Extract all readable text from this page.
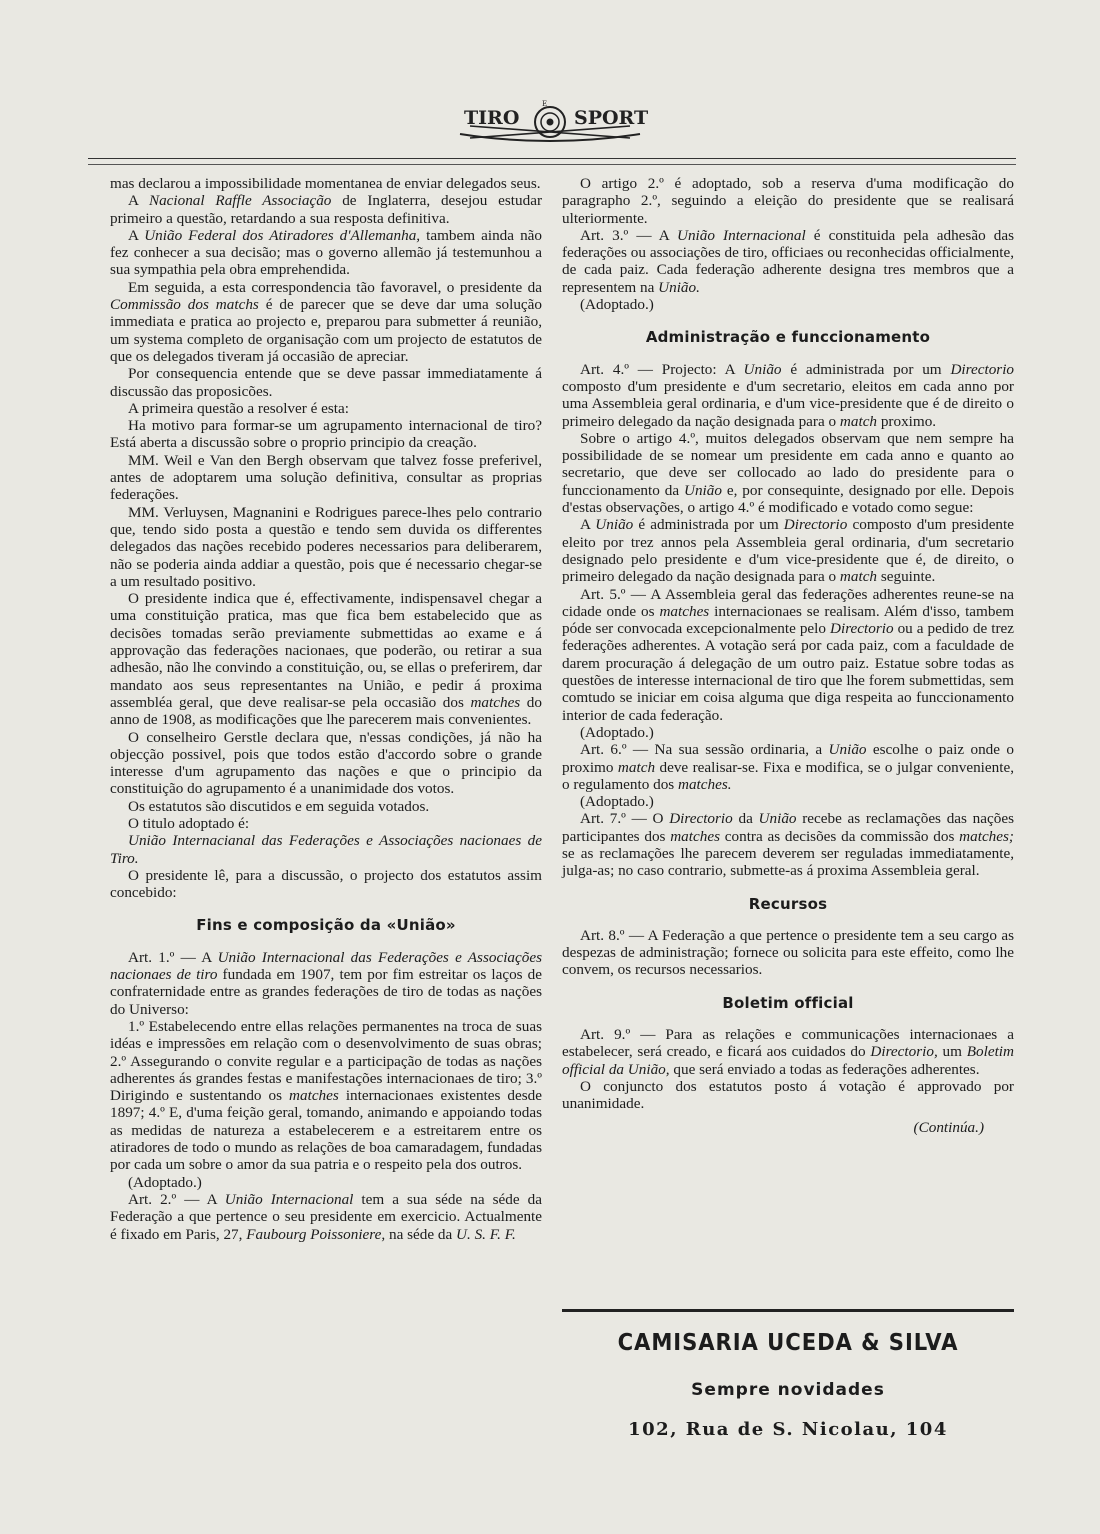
TIRO	SPORT
E

mas declarou a impossibilidade momentanea de enviar delegados seus.

A Nacional Raffle Associação de Inglaterra, desejou estudar primeiro a questão, retardando a sua resposta definitiva.

A União Federal dos Atiradores d'Allemanha, tambem ainda não fez conhecer a sua decisão; mas o governo allemão já testemunhou a sua sympathia pela obra emprehendida.

Em seguida, a esta correspondencia tão favoravel, o presidente da Commissão dos matchs é de parecer que se deve dar uma solução immediata e pratica ao projecto e, preparou para submetter á reunião, um systema completo de organisação com um projecto de estatutos de que os delegados tiveram já occasião de apreciar.

Por consequencia entende que se deve passar immediatamente á discussão das proposicões.

A primeira questão a resolver é esta:

Ha motivo para formar-se um agrupamento internacional de tiro? Está aberta a discussão sobre o proprio principio da creação.

MM. Weil e Van den Bergh observam que talvez fosse preferivel, antes de adoptarem uma solução definitiva, consultar as proprias federações.

MM. Verluysen, Magnanini e Rodrigues parece-lhes pelo contrario que, tendo sido posta a questão e tendo sem duvida os differentes delegados das nações recebido poderes necessarios para deliberarem, não se poderia ainda addiar a questão, pois que é necessario chegar-se a um resultado positivo.

O presidente indica que é, effectivamente, indispensavel chegar a uma constituição pratica, mas que fica bem estabelecido que as decisões tomadas serão previamente submettidas ao exame e á approvação das federações nacionaes, que poderão, ou retirar a sua adhesão, não lhe convindo a constituição, ou, se ellas o preferirem, dar mandato aos seus representantes na União, e pedir á proxima assembléa geral, que deve realisar-se pela occasião dos matches do anno de 1908, as modificações que lhe parecerem mais convenientes.

O conselheiro Gerstle declara que, n'essas condições, já não ha objecção possivel, pois que todos estão d'accordo sobre o grande interesse d'um agrupamento das nações e que o principio da constituição do agrupamento é a unanimidade dos votos.

Os estatutos são discutidos e em seguida votados.

O titulo adoptado é:

União Internacianal das Federações e Associações nacionaes de Tiro.

O presidente lê, para a discussão, o projecto dos estatutos assim concebido:

Fins e composição da «União»

Art. 1.º — A União Internacional das Federações e Associações nacionaes de tiro fundada em 1907, tem por fim estreitar os laços de confraternidade entre as grandes federações de tiro de todas as nações do Universo:

1.º Estabelecendo entre ellas relações permanentes na troca de suas idéas e impressões em relação com o desenvolvimento de suas obras; 2.º Assegurando o convite regular e a participação de todas as nações adherentes ás grandes festas e manifestações internacionaes de tiro; 3.º Dirigindo e sustentando os matches internacionaes existentes desde 1897; 4.º E, d'uma feição geral, tomando, animando e appoiando todas as medidas de natureza a estabelecerem e a estreitarem entre os atiradores de todo o mundo as relações de boa camaradagem, fundadas por cada um sobre o amor da sua patria e o respeito pela dos outros.

(Adoptado.)

Art. 2.º — A União Internacional tem a sua séde na séde da Federação a que pertence o seu presidente em exercicio. Actualmente é fixado em Paris, 27, Faubourg Poissoniere, na séde da U. S. F. F.

O artigo 2.º é adoptado, sob a reserva d'uma modificação do paragrapho 2.º, seguindo a eleição do presidente que se realisará ulteriormente.

Art. 3.º — A União Internacional é constituida pela adhesão das federações ou associações de tiro, officiaes ou reconhecidas officialmente, de cada paiz. Cada federação adherente designa tres membros que a representem na União.

(Adoptado.)

Administração e funccionamento

Art. 4.º — Projecto: A União é administrada por um Directorio composto d'um presidente e d'um secretario, eleitos em cada anno por uma Assembleia geral ordinaria, e d'um vice-presidente que é de direito o primeiro delegado da nação designada para o match proximo.

Sobre o artigo 4.º, muitos delegados observam que nem sempre ha possibilidade de se nomear um presidente em cada anno e quanto ao secretario, que deve ser collocado ao lado do presidente para o funccionamento da União e, por consequinte, designado por elle. Depois d'estas observações, o artigo 4.º é modificado e votado como segue:

A União é administrada por um Directorio composto d'um presidente eleito por trez annos pela Assembleia geral ordinaria, d'um secretario designado pelo presidente e d'um vice-presidente que é, de direito, o primeiro delegado da nação designada para o match seguinte.

Art. 5.º — A Assembleia geral das federações adherentes reune-se na cidade onde os matches internacionaes se realisam. Além d'isso, tambem póde ser convocada excepcionalmente pelo Directorio ou a pedido de trez federações adherentes. A votação será por cada paiz, com a faculdade de darem procuração á delegação de um outro paiz. Estatue sobre todas as questões de interesse internacional de tiro que lhe forem submettidas, sem comtudo se iniciar em coisa alguma que diga respeita ao funccionamento interior de cada federação.

(Adoptado.)

Art. 6.º — Na sua sessão ordinaria, a União escolhe o paiz onde o proximo match deve realisar-se. Fixa e modifica, se o julgar conveniente, o regulamento dos matches.

(Adoptado.)

Art. 7.º — O Directorio da União recebe as reclamações das nações participantes dos matches contra as decisões da commissão dos matches; se as reclamações lhe parecem deverem ser reguladas immediatamente, julga-as; no caso contrario, submette-as á proxima Assembleia geral.

Recursos

Art. 8.º — A Federação a que pertence o presidente tem a seu cargo as despezas de administração; fornece ou solicita para este effeito, como lhe convem, os recursos necessarios.

Boletim official

Art. 9.º — Para as relações e communicações internacionaes a estabelecer, será creado, e ficará aos cuidados do Directorio, um Boletim official da União, que será enviado a todas as federações adherentes.

O conjuncto dos estatutos posto á votação é approvado por unanimidade.

(Continúa.)

CAMISARIA UCEDA & SILVA
Sempre novidades
102, Rua de S. Nicolau, 104
